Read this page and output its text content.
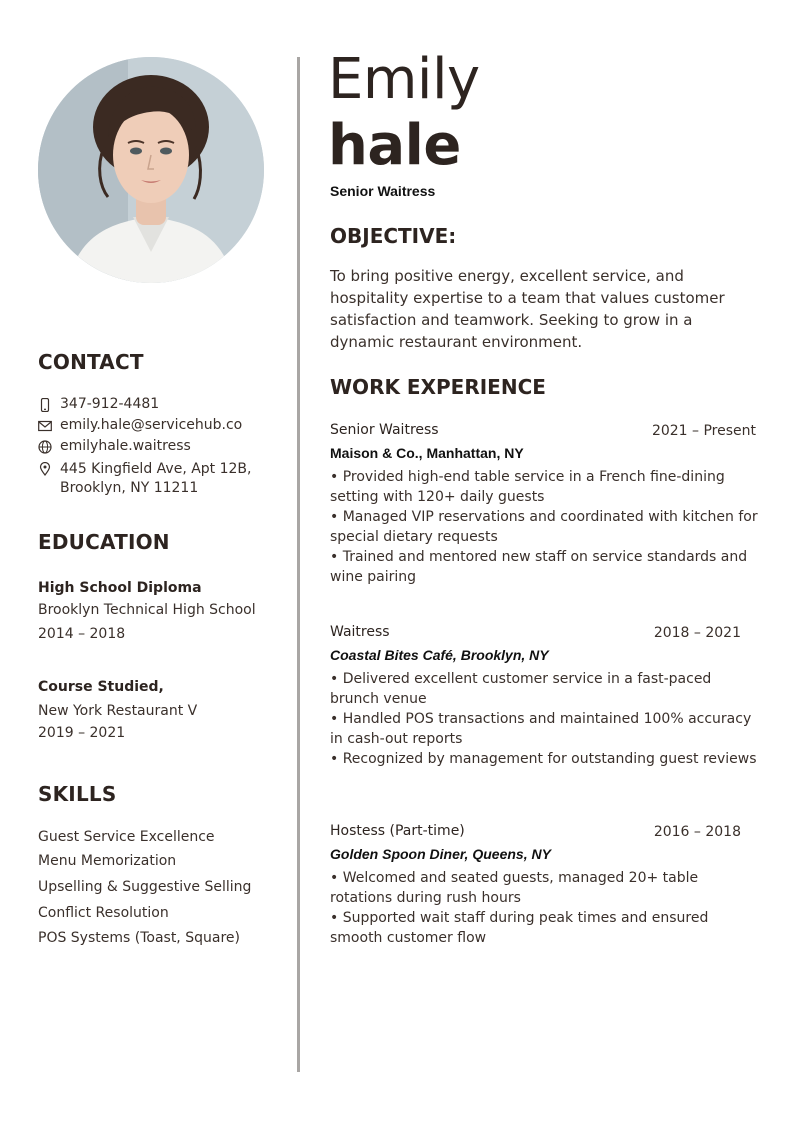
CONTACT
347-912-4481
emily.hale@servicehub.co
emilyhale.waitress
445 Kingfield Ave, Apt 12B,
Brooklyn, NY 11211
EDUCATION
High School Diploma
Brooklyn Technical High School
2014 – 2018
Course Studied,
New York Restaurant V
2019 – 2021
SKILLS
Guest Service Excellence
Menu Memorization
Upselling & Suggestive Selling
Conflict Resolution
POS Systems (Toast, Square)
Emily
hale
Senior Waitress
OBJECTIVE:
To bring positive energy, excellent service, and hospitality expertise to a team that values customer satisfaction and teamwork. Seeking to grow in a dynamic restaurant environment.
WORK EXPERIENCE
Senior Waitress	2021 – Present
Maison & Co., Manhattan, NY
• Provided high-end table service in a French fine-dining setting with 120+ daily guests
• Managed VIP reservations and coordinated with kitchen for special dietary requests
• Trained and mentored new staff on service standards and wine pairing
Waitress	2018 – 2021
Coastal Bites Café, Brooklyn, NY
• Delivered excellent customer service in a fast-paced brunch venue
• Handled POS transactions and maintained 100% accuracy in cash-out reports
• Recognized by management for outstanding guest reviews
Hostess (Part-time)	2016 – 2018
Golden Spoon Diner, Queens, NY
• Welcomed and seated guests, managed 20+ table rotations during rush hours
• Supported wait staff during peak times and ensured smooth customer flow
